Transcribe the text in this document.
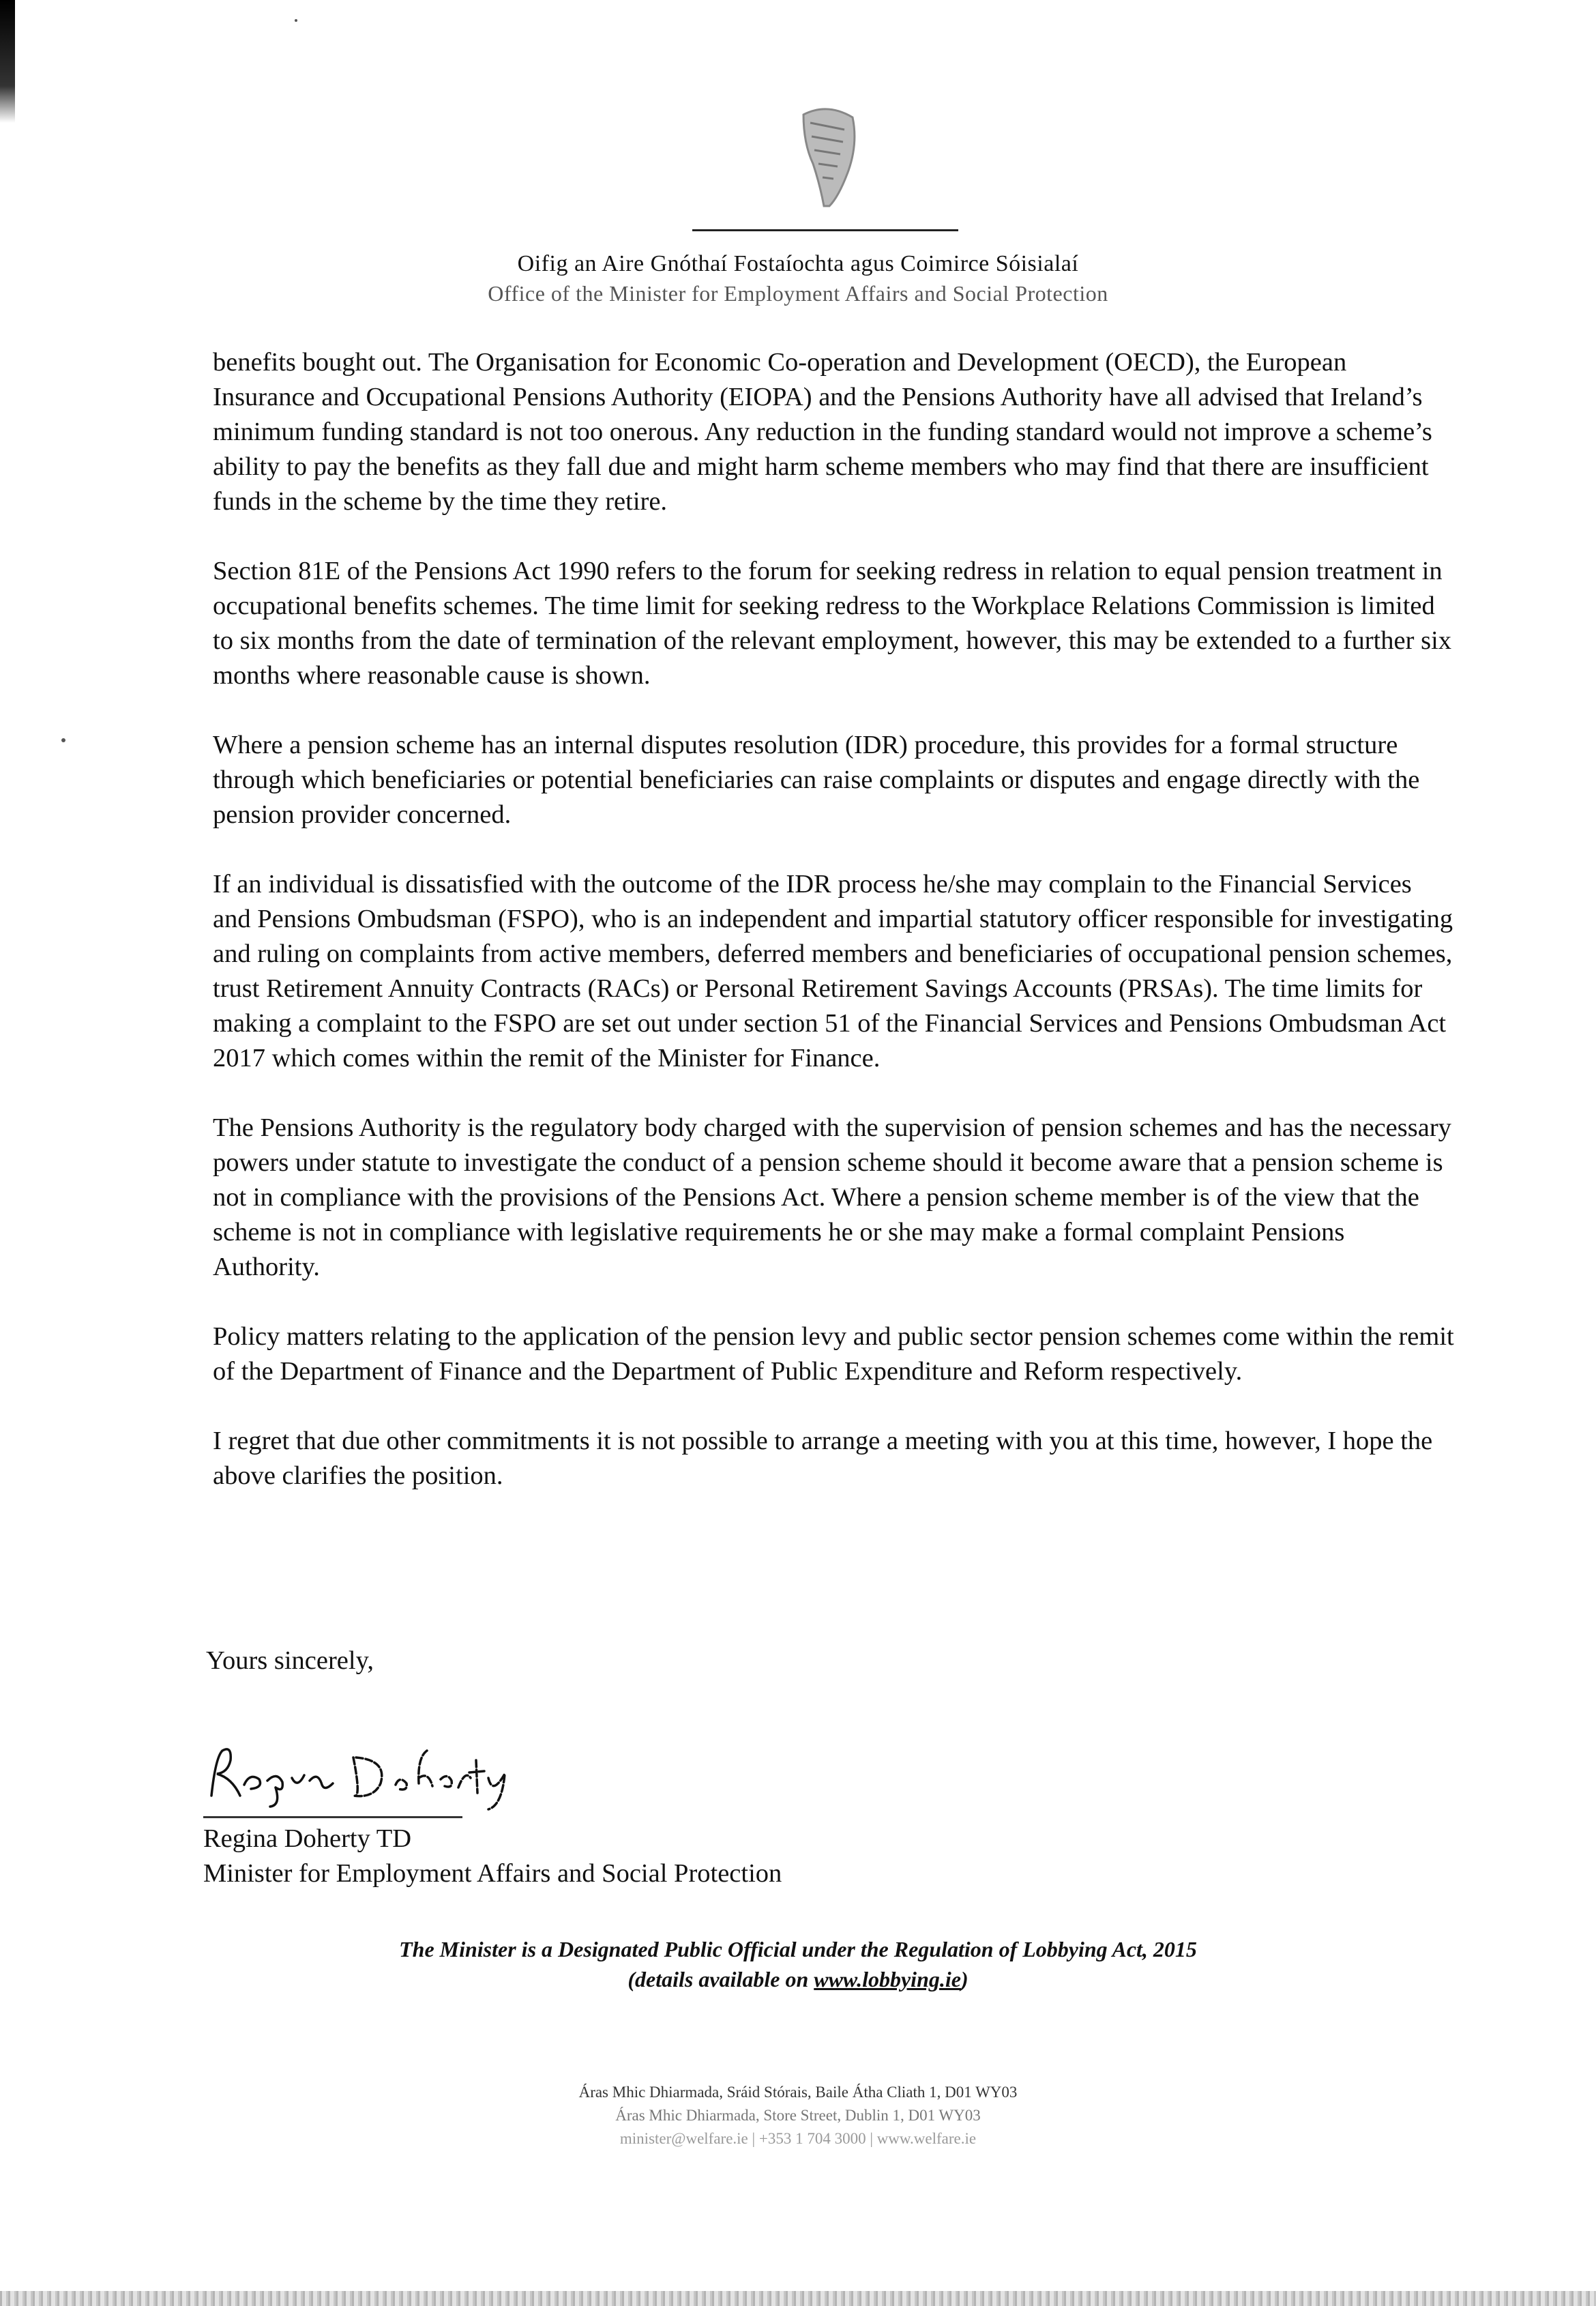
Oifig an Aire Gnóthaí Fostaíochta agus Coimirce Sóisialaí
Office of the Minister for Employment Affairs and Social Protection

benefits bought out. The Organisation for Economic Co-operation and Development (OECD), the European Insurance and Occupational Pensions Authority (EIOPA) and the Pensions Authority have all advised that Ireland’s minimum funding standard is not too onerous. Any reduction in the funding standard would not improve a scheme’s ability to pay the benefits as they fall due and might harm scheme members who may find that there are insufficient funds in the scheme by the time they retire.

Section 81E of the Pensions Act 1990 refers to the forum for seeking redress in relation to equal pension treatment in occupational benefits schemes. The time limit for seeking redress to the Workplace Relations Commission is limited to six months from the date of termination of the relevant employment, however, this may be extended to a further six months where reasonable cause is shown.

Where a pension scheme has an internal disputes resolution (IDR) procedure, this provides for a formal structure through which beneficiaries or potential beneficiaries can raise complaints or disputes and engage directly with the pension provider concerned.

If an individual is dissatisfied with the outcome of the IDR process he/she may complain to the Financial Services and Pensions Ombudsman (FSPO), who is an independent and impartial statutory officer responsible for investigating and ruling on complaints from active members, deferred members and beneficiaries of occupational pension schemes, trust Retirement Annuity Contracts (RACs) or Personal Retirement Savings Accounts (PRSAs). The time limits for making a complaint to the FSPO are set out under section 51 of the Financial Services and Pensions Ombudsman Act 2017 which comes within the remit of the Minister for Finance.

The Pensions Authority is the regulatory body charged with the supervision of pension schemes and has the necessary powers under statute to investigate the conduct of a pension scheme should it become aware that a pension scheme is not in compliance with the provisions of the Pensions Act. Where a pension scheme member is of the view that the scheme is not in compliance with legislative requirements he or she may make a formal complaint Pensions Authority.

Policy matters relating to the application of the pension levy and public sector pension schemes come within the remit of the Department of Finance and the Department of Public Expenditure and Reform respectively.

I regret that due other commitments it is not possible to arrange a meeting with you at this time, however, I hope the above clarifies the position.

Yours sincerely,
Regina Doherty TD
Minister for Employment Affairs and Social Protection
The Minister is a Designated Public Official under the Regulation of Lobbying Act, 2015
(details available on www.lobbying.ie)
Áras Mhic Dhiarmada, Sráid Stórais, Baile Átha Cliath 1, D01 WY03
Áras Mhic Dhiarmada, Store Street, Dublin 1, D01 WY03
minister@welfare.ie | +353 1 704 3000 | www.welfare.ie
